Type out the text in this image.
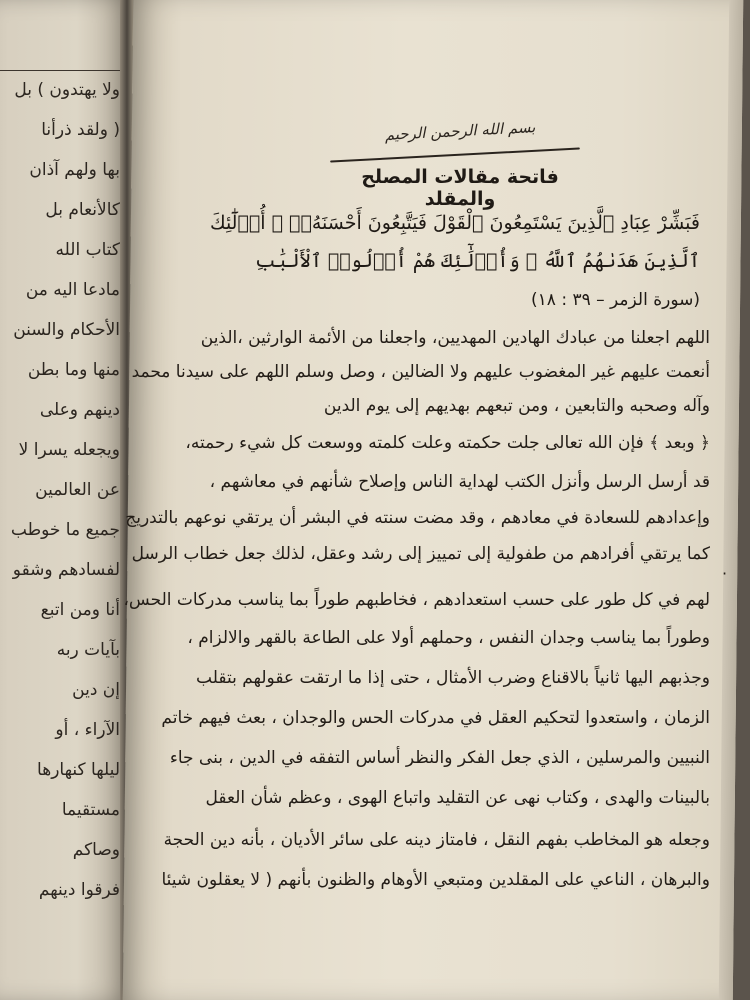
ولا يهتدون ) بل
( ولقد ذرأنا
بها ولهم آذان
كالأنعام بل
كتاب الله
مادعا اليه من
الأحكام والسنن
منها وما بطن
دينهم وعلى
ويجعله يسرا لا
عن العالمين
جميع ما خوطب
لفسادهم وشقو
أنا ومن اتبع
بآيات ربه
إن دين
الآراء ، أو
ليلها كنهارها
مستقيما
وصاكم
فرقوا دينهم
بسم الله الرحمن الرحيم
فاتحة مقالات المصلح والمقلد
فَبَشِّرْ عِبَادِ ٱلَّذِينَ يَسْتَمِعُونَ ٱلْقَوْلَ فَيَتَّبِعُونَ أَحْسَنَهُۥٓ ۚ أُو۟لَٰٓئِكَ
ٱلَّذِينَ هَدَىٰهُمُ ٱللَّهُ ۖ وَأُو۟لَٰٓئِكَ هُمْ أُو۟لُوا۟ ٱلْأَلْبَٰبِ
(سورة الزمر – ٣٩ : ١٨)
اللهم اجعلنا من عبادك الهادين المهديين، واجعلنا من الأئمة الوارثين ،الذين
أنعمت عليهم غير المغضوب عليهم ولا الضالين ، وصل وسلم اللهم على سيدنا محمد
وآله وصحبه والتابعين ، ومن تبعهم بهديهم إلى يوم الدين
﴿ وبعد ﴾ فإن الله تعالى جلت حكمته وعلت كلمته ووسعت كل شيء رحمته،
قد أرسل الرسل وأنزل الكتب لهداية الناس وإصلاح شأنهم في معاشهم ،
وإعدادهم للسعادة في معادهم ، وقد مضت سنته في البشر أن يرتقي نوعهم بالتدريج
كما يرتقي أفرادهم من طفولية إلى تمييز إلى رشد وعقل، لذلك جعل خطاب الرسل
لهم في كل طور على حسب استعدادهم ، فخاطبهم طوراً بما يناسب مدركات الحس،
وطوراً بما يناسب وجدان النفس ، وحملهم أولا على الطاعة بالقهر والالزام ،
وجذبهم اليها ثانياً بالاقناع وضرب الأمثال ، حتى إذا ما ارتقت عقولهم بتقلب
الزمان ، واستعدوا لتحكيم العقل في مدركات الحس والوجدان ، بعث فيهم خاتم
النبيين والمرسلين ، الذي جعل الفكر والنظر أساس التفقه في الدين ، بنى جاء
بالبينات والهدى ، وكتاب نهى عن التقليد واتباع الهوى ، وعظم شأن العقل
وجعله هو المخاطب بفهم النقل ، فامتاز دينه على سائر الأديان ، بأنه دين الحجة
والبرهان ، الناعي على المقلدين ومتبعي الأوهام والظنون بأنهم ( لا يعقلون شيئا
·
